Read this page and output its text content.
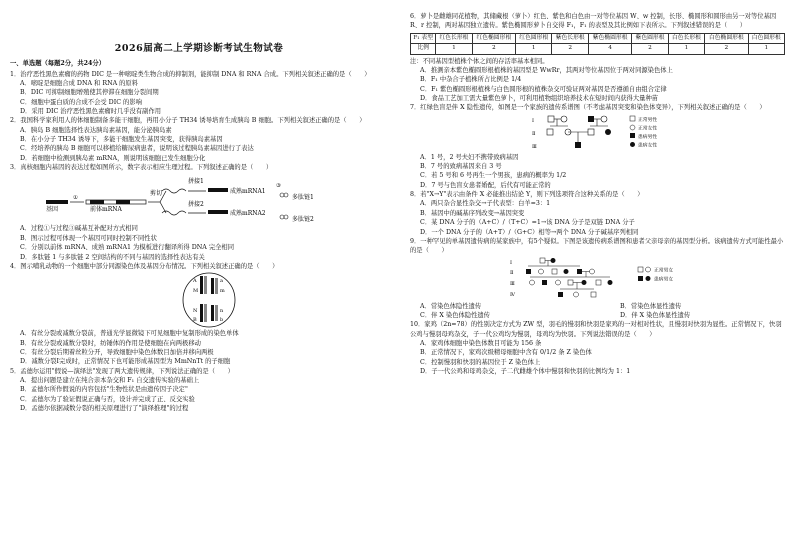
2026届高二上学期诊断考试生物试卷
一、单选题（每题2分，共24分）

1．治疗恶性黑色素瘤的药物 DIC 是一种嘧啶类生物合成的抑制剂，能抑制 DNA 和 RNA 合成。下列相关叙述正确的是（　　）

A．嘧啶是细胞合成 DNA 和 RNA 的原料

B．DIC 可抑制细胞增殖使其停滞在细胞分裂间期

C．细胞中蛋白质的合成不会受 DIC 的影响

D．采用 DIC 治疗恶性黑色素瘤时几乎没有副作用

2．我国科学家利用人的体细胞制备多能干细胞，再用小分子 TH34 诱导培育生成胰岛 B 细胞。下列相关叙述正确的是（　　）

A．胰岛 B 细胞选择性表达胰岛素基因，能分泌胰岛素

B．在小分子 TH34 诱导下，多能干细胞发生基因突变，获得胰岛素基因

C．经培养的胰岛 B 细胞可以移植给糖尿病患者，说明该过程胰岛素基因进行了表达

D．若细胞中检测到胰岛素 mRNA，则说明该细胞已发生细胞分化

3．真核细胞内基因的表达过程如图所示，数字表示相应生理过程。下列叙述正确的是（　　）

基因
①
前体mRNA
剪切
拼接1
拼接2
成熟mRNA1
成熟mRNA2
③
多肽链1
多肽链2

A．过程①与过程③碱基互补配对方式相同

B．图示过程可体现一个基因可同时控制不同性状

C．分别以前体 mRNA、成熟 mRNA1 为模板进行翻译所得 DNA 完全相同

D．多肽链 1 与多肽链 2 空间结构的不同与基因的选择性表达有关

4．图示哺乳动物的一个细胞中部分同源染色体及基因分布情况。下列相关叙述正确的是（　　）

A	a
M	m
N	n
B	b

A．有丝分裂或减数分裂前，普通光学显微镜下可见细胞中复制形成的染色单体

B．有丝分裂或减数分裂时，纺锤体的作用是使细胞在向两极移动

C．有丝分裂后期着丝粒分开，导致细胞中染色体数目加倍并移向两极

D．减数分裂Ⅰ完成时，正常情况下也可能形成基因型为 MmNnTt 的子细胞

5．孟德尔运用"假说—演绎法"发现了两大遗传规律，下列说法正确的是（　　）

A．提出问题是建立在纯合亲本杂交和 F₁ 自交遗传实验的基础上

B．孟德尔所作假说的内容包括"生物性状是由遗传因子决定"

C．孟德尔为了验证假说正确与否，设计并完成了正、反交实验

D．孟德尔依据减数分裂的相关原理进行了"演绎推理"的过程

6．萝卜是雌雄同花植物，其储藏根（萝卜）红色、紫色和白色由一对等位基因 W、w 控制，长形、椭圆形和圆形由另一对等位基因 R、r 控制，两对基因独立遗传。紫色椭圆形萝卜自交得 F₁，F₁ 的表型及其比例如下表所示。下列叙述错误的是（　　）

F₁ 表型	红色长形根	红色椭圆形根	红色圆形根	紫色长形根	紫色椭圆形根	紫色圆形根	白色长形根	白色椭圆形根	白色圆形根
比例	1	2	1	2	4	2	1	2	1

注：不同基因型植株个体之间的存活率基本相同。

A．推测亲本紫色椭圆形根植株的基因型是 WwRr，其两对等位基因位于两对同源染色体上

B．F₁ 中杂合子植株所占比例是 1/4

C．F₁ 紫色椭圆形根植株与白色圆形根的植株杂交可验证两对基因是否遵循自由组合定律

D．食品工艺加工需大量紫色萝卜，可利用植物组织培养技术在短时间内获得大量种苗

7．红绿色盲是伴 X 隐性遗传，如图是一个家族的遗传系谱图（不考虑基因突变和染色体变异），下列相关叙述正确的是（　　）

Ⅰ
Ⅱ
Ⅲ
正常男性
正常女性
患病男性
患病女性

A．1 号，2 号夫妇不携带致病基因

B．7 号的致病基因来自 3 号

C．若 5 号和 6 号再生一个男孩，患病的概率为 1/2

D．7 号与色盲女患者婚配，后代有可能正常的

8．若"X→Y"表示由条件 X 必能推出结论 Y，则下列选项符合这种关系的是（　　）

A．两只杂合显性杂交→子代表型：白羊=3：1

B．基因中的碱基序列改变→基因突变

C．某 DNA 分子的（A+C）/（T+C）=1→该 DNA 分子是双链 DNA 分子

D．一个 DNA 分子的（A+T）/（G+C）相等→两个 DNA 分子碱基序列相同

9．一种罕见的单基因遗传病的某家族中，有5个疑似。下图是该遗传病系谱图和患者父亲母亲的基因型分析。该病遗传方式可能性最小的是（　　）

Ⅰ
Ⅱ
Ⅲ
Ⅳ
正常男女
患病男女

A．常染色体隐性遗传	B．常染色体显性遗传

C．伴 X 染色体隐性遗传	D．伴 X 染色体显性遗传

10．家鸡（2n=78）的性别决定方式为 ZW 型，羽毛的慢羽和快羽是家鸡的一对相对性状，且慢羽对快羽为显性。正常情况下，快羽公鸡与慢羽母鸡杂交，子一代公鸡均为慢羽，母鸡均为快羽。下列说法错误的是（　　）

A．家鸡体细胞中染色体数目可能为 156 条

B．正常情况下，家鸡次级精母细胞中含有 0/1/2 条 Z 染色体

C．控制慢羽和快羽的基因位于 Z 染色体上

D．子一代公鸡和母鸡杂交，子二代雌雄个体中慢羽和快羽的比例均为 1：1
